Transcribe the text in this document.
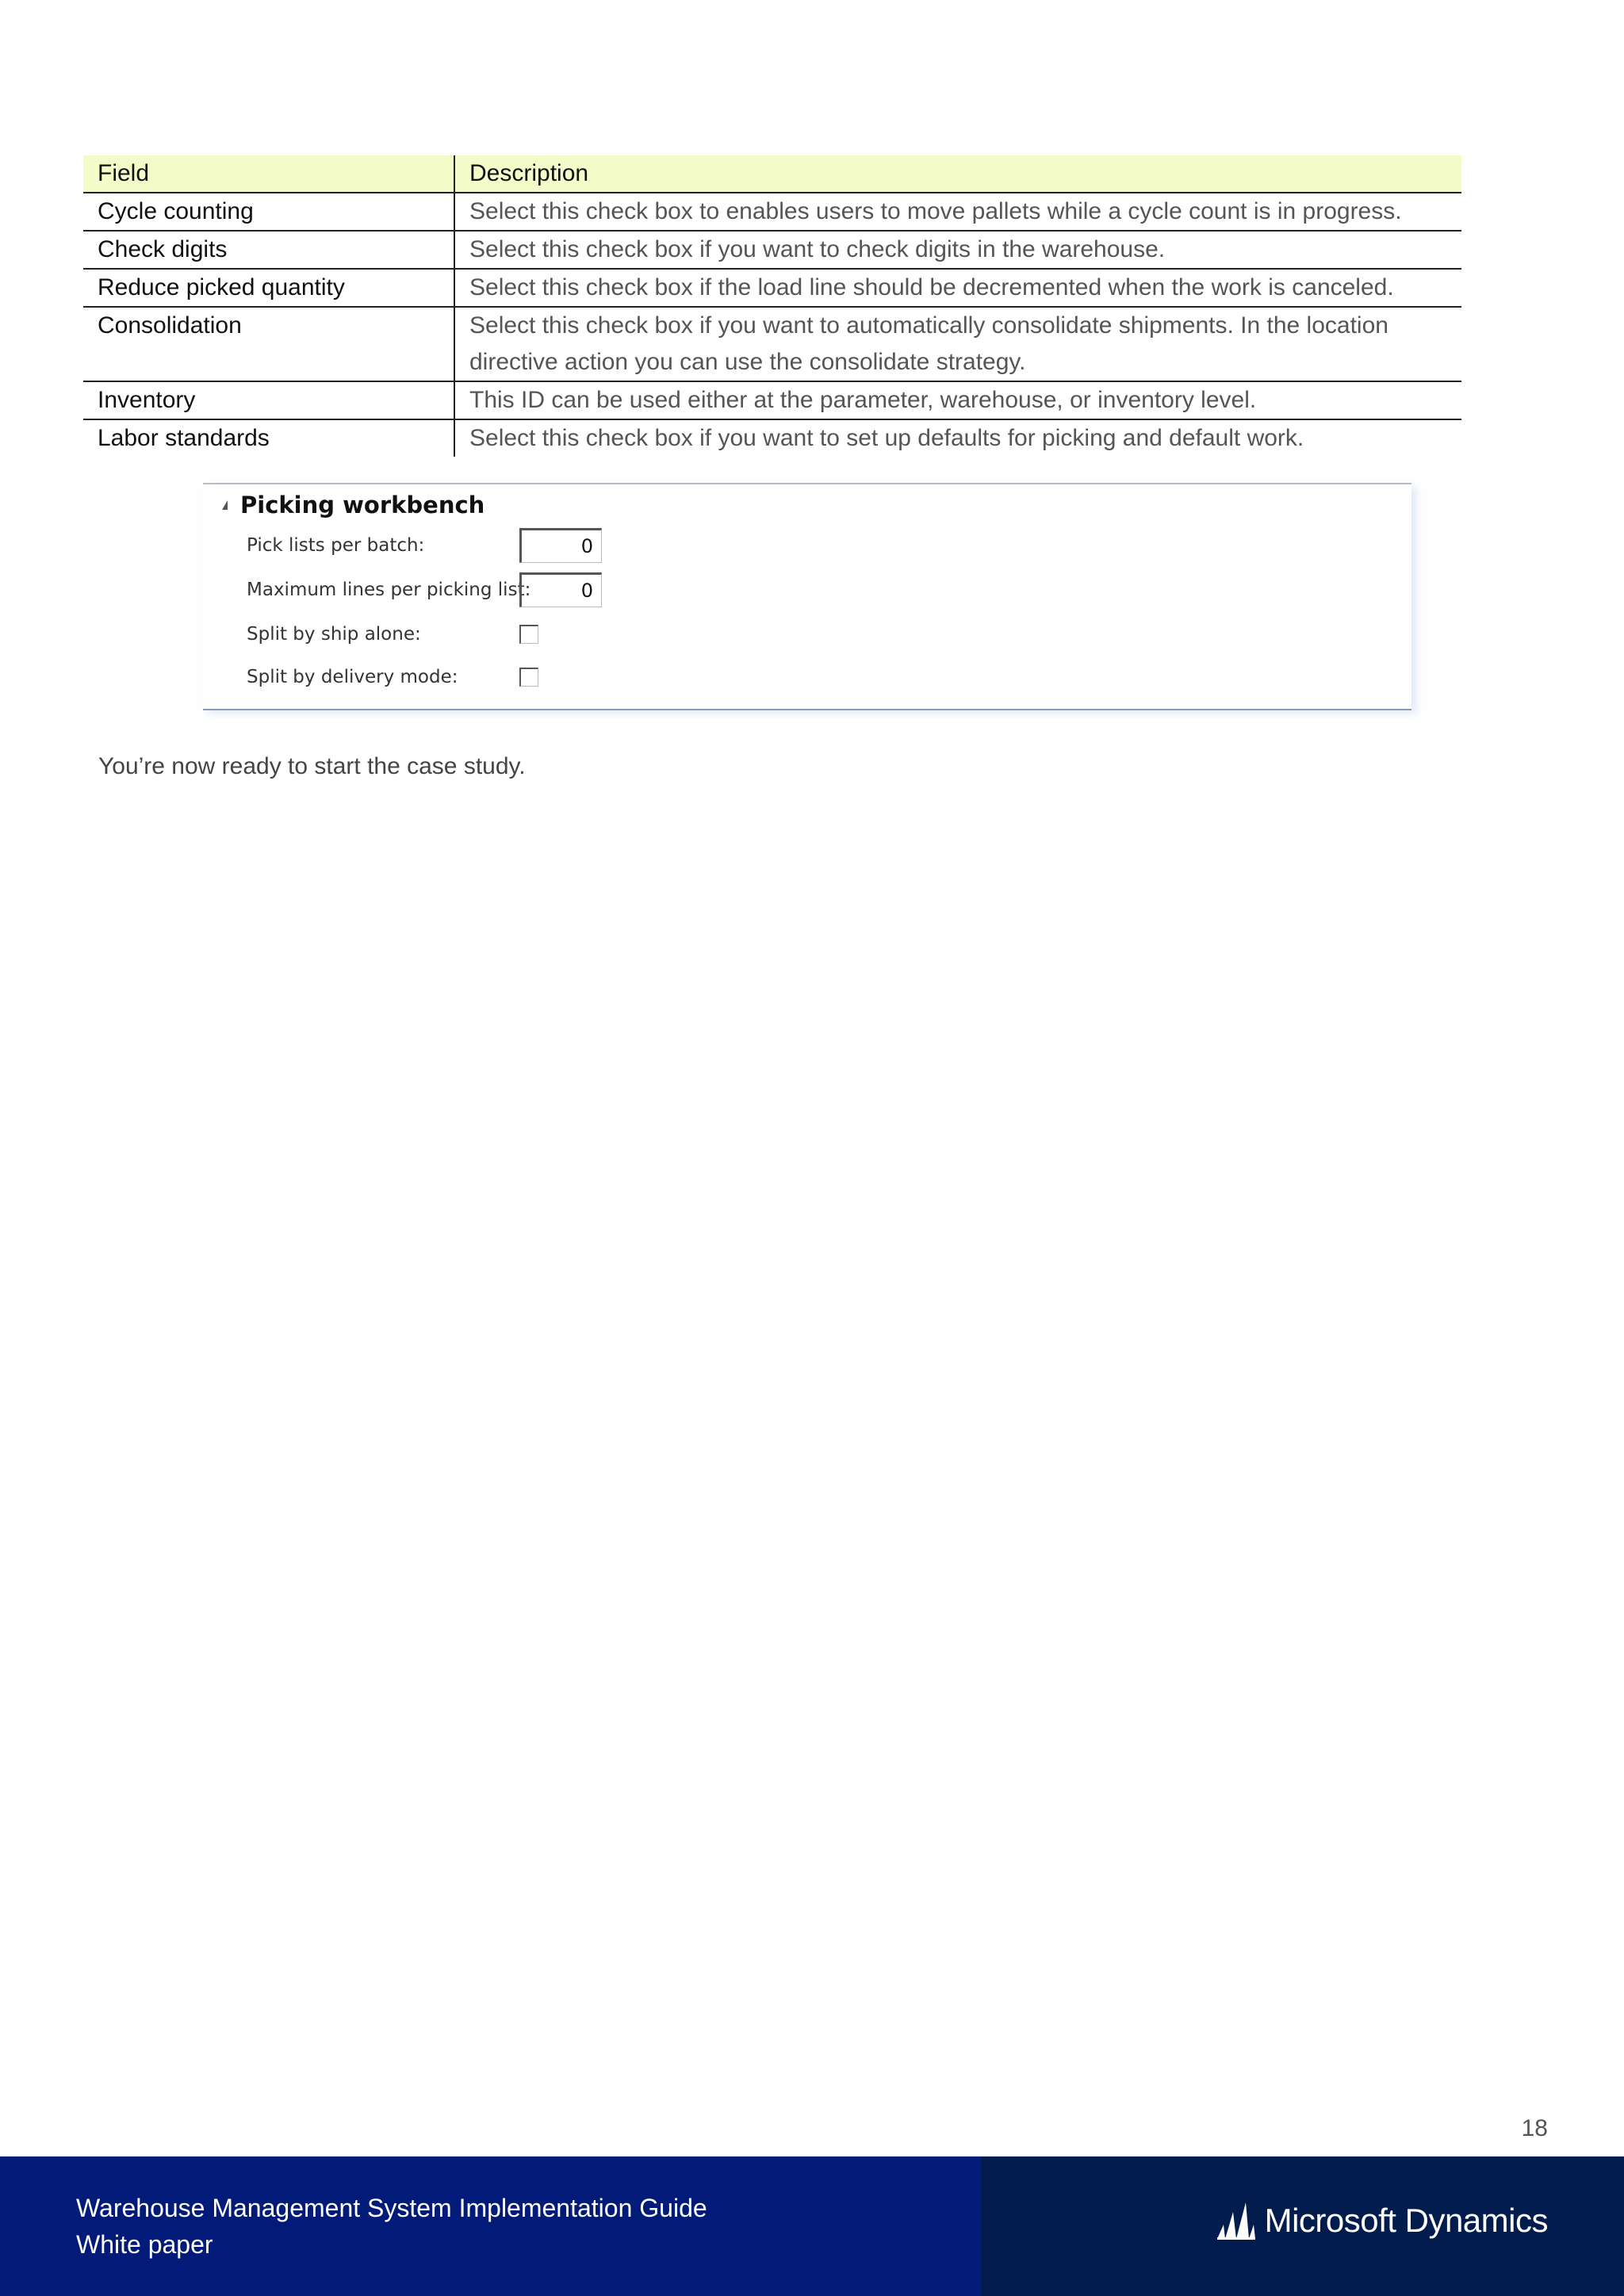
Field	Description
Cycle counting	Select this check box to enables users to move pallets while a cycle count is in progress.
Check digits	Select this check box if you want to check digits in the warehouse.
Reduce picked quantity	Select this check box if the load line should be decremented when the work is canceled.
Consolidation	Select this check box if you want to automatically consolidate shipments. In the location directive action you can use the consolidate strategy.
Inventory	This ID can be used either at the parameter, warehouse, or inventory level.
Labor standards	Select this check box if you want to set up defaults for picking and default work.
Picking workbench
Pick lists per batch:	0
Maximum lines per picking list:	0
Split by ship alone:
Split by delivery mode:
You’re now ready to start the case study.
18
Warehouse Management System Implementation Guide
White paper
Microsoft Dynamics
